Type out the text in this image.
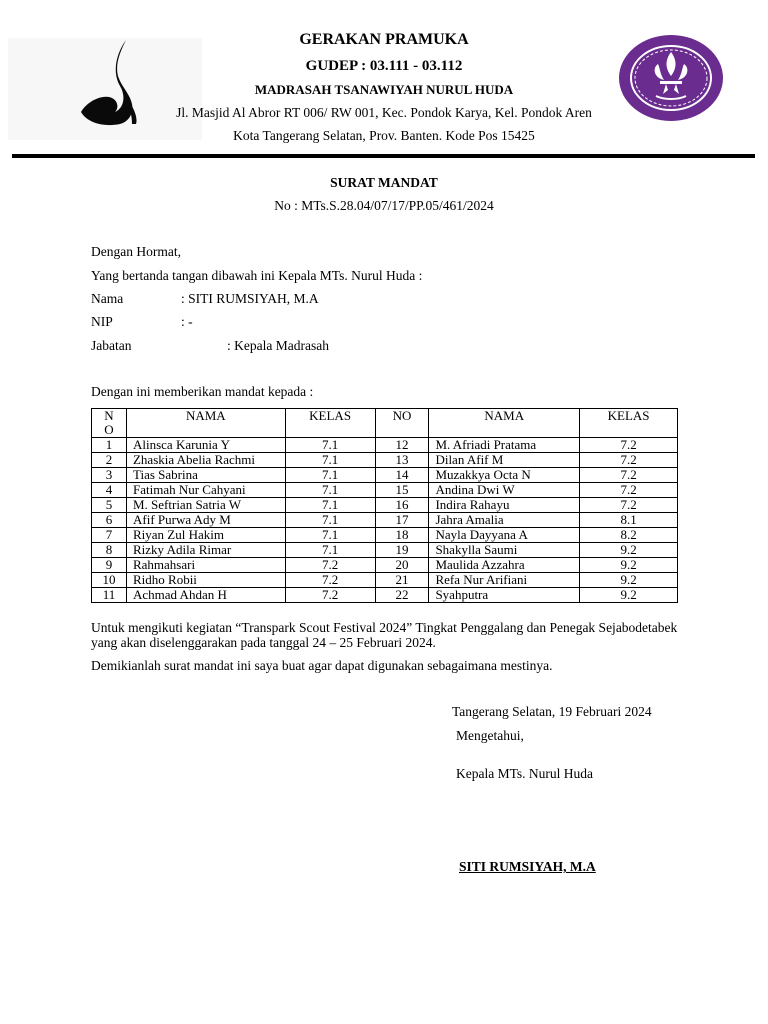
GERAKAN PRAMUKA
GUDEP : 03.111 - 03.112
MADRASAH TSANAWIYAH NURUL HUDA
Jl. Masjid Al Abror RT 006/ RW 001, Kec. Pondok Karya, Kel. Pondok Aren
Kota Tangerang Selatan, Prov. Banten. Kode Pos 15425
SURAT MANDAT
No : MTs.S.28.04/07/17/PP.05/461/2024
Dengan Hormat,
Yang bertanda tangan dibawah ini Kepala MTs. Nurul Huda :
Nama	: SITI RUMSIYAH, M.A
NIP	: -
Jabatan	: Kepala Madrasah
Dengan ini memberikan mandat kepada :
N O	NAMA	KELAS	NO	NAMA	KELAS
1	Alinsca Karunia Y	7.1	12	M. Afriadi Pratama	7.2
2	Zhaskia Abelia Rachmi	7.1	13	Dilan Afif M	7.2
3	Tias Sabrina	7.1	14	Muzakkya Octa N	7.2
4	Fatimah Nur Cahyani	7.1	15	Andina Dwi W	7.2
5	M. Seftrian Satria W	7.1	16	Indira Rahayu	7.2
6	Afif Purwa Ady M	7.1	17	Jahra Amalia	8.1
7	Riyan Zul Hakim	7.1	18	Nayla Dayyana A	8.2
8	Rizky Adila Rimar	7.1	19	Shakylla Saumi	9.2
9	Rahmahsari	7.2	20	Maulida Azzahra	9.2
10	Ridho Robii	7.2	21	Refa Nur Arifiani	9.2
11	Achmad Ahdan H	7.2	22	Syahputra	9.2
Untuk mengikuti kegiatan “Transpark Scout Festival 2024” Tingkat Penggalang dan Penegak Sejabodetabek yang akan diselenggarakan pada tanggal 24 – 25 Februari 2024.
Demikianlah surat mandat ini saya buat agar dapat digunakan sebagaimana mestinya.
Tangerang Selatan, 19 Februari 2024
Mengetahui,
Kepala MTs. Nurul Huda
SITI RUMSIYAH, M.A
